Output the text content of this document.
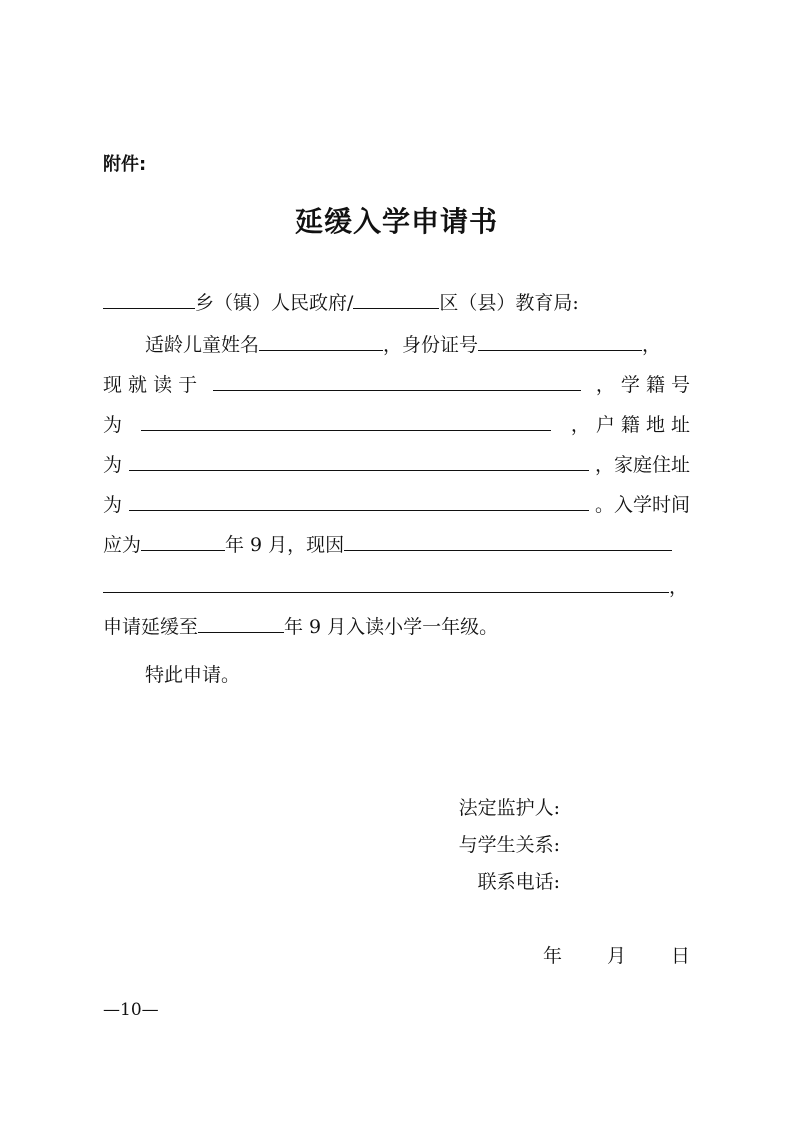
附件:
延缓入学申请书
乡（镇）人民政府/	区（县）教育局:
适龄儿童姓名	，身份证号	，
现 就 读 于	， 学 籍 号
为	， 户 籍 地 址
为	，家庭住址
为	。入学时间
应为	年 9 月，现因
，
申请延缓至	年 9 月入读小学一年级。
特此申请。
法定监护人:
与学生关系:
联系电话:
年 月 日
—10—
